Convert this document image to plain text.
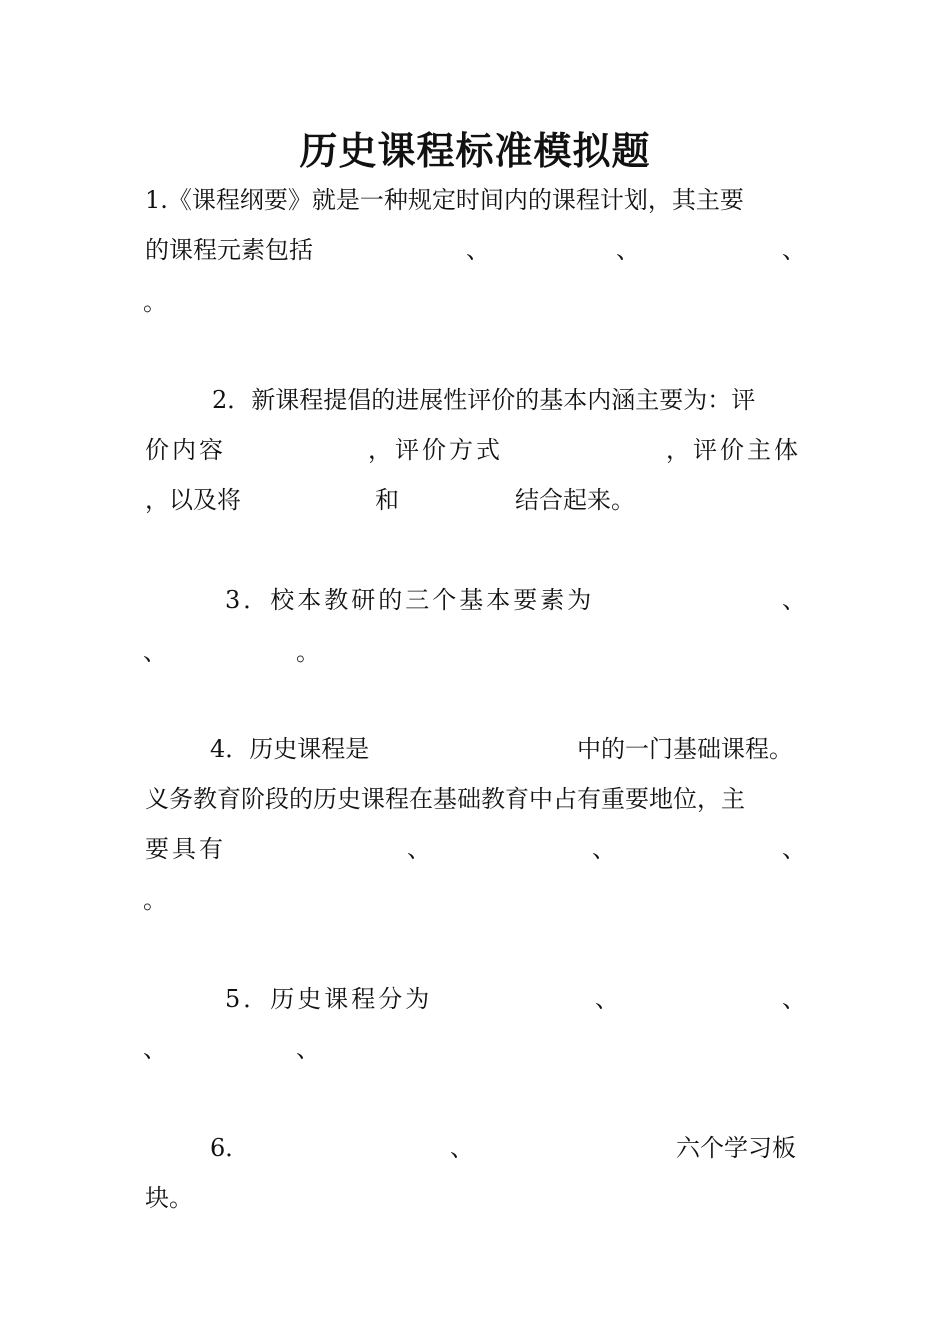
历史课程标准模拟题
1.《课程纲要》就是一种规定时间内的课程计划，其主要
的课程元素包括	、	、	、
。
2．新课程提倡的进展性评价的基本内涵主要为：评
价内容	，评价方式	，评价主体
，以及将	和	结合起来。
3．校本教研的三个基本要素为	、
、	。
4．历史课程是	中的一门基础课程。
义务教育阶段的历史课程在基础教育中占有重要地位，主
要具有	、	、	、
。
5．历史课程分为	、	、
、	、
6．	、	六个学习板
块。
